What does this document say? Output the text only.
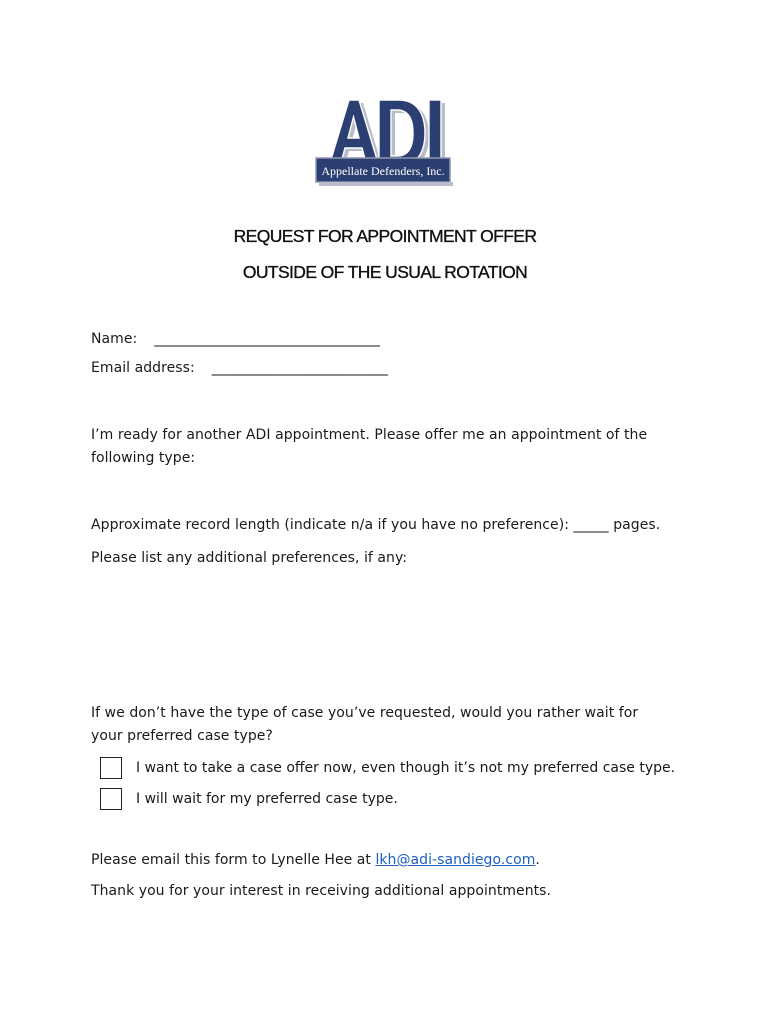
Appellate Defenders, Inc.
REQUEST FOR APPOINTMENT OFFER
OUTSIDE OF THE USUAL ROTATION
Name: ________________________________
Email address: _________________________
I’m ready for another ADI appointment. Please offer me an appointment of the following type:
Approximate record length (indicate n/a if you have no preference): _____ pages.
Please list any additional preferences, if any:
If we don’t have the type of case you’ve requested, would you rather wait for your preferred case type?
I want to take a case offer now, even though it’s not my preferred case type.
I will wait for my preferred case type.
Please email this form to Lynelle Hee at lkh@adi-sandiego.com.
Thank you for your interest in receiving additional appointments.
